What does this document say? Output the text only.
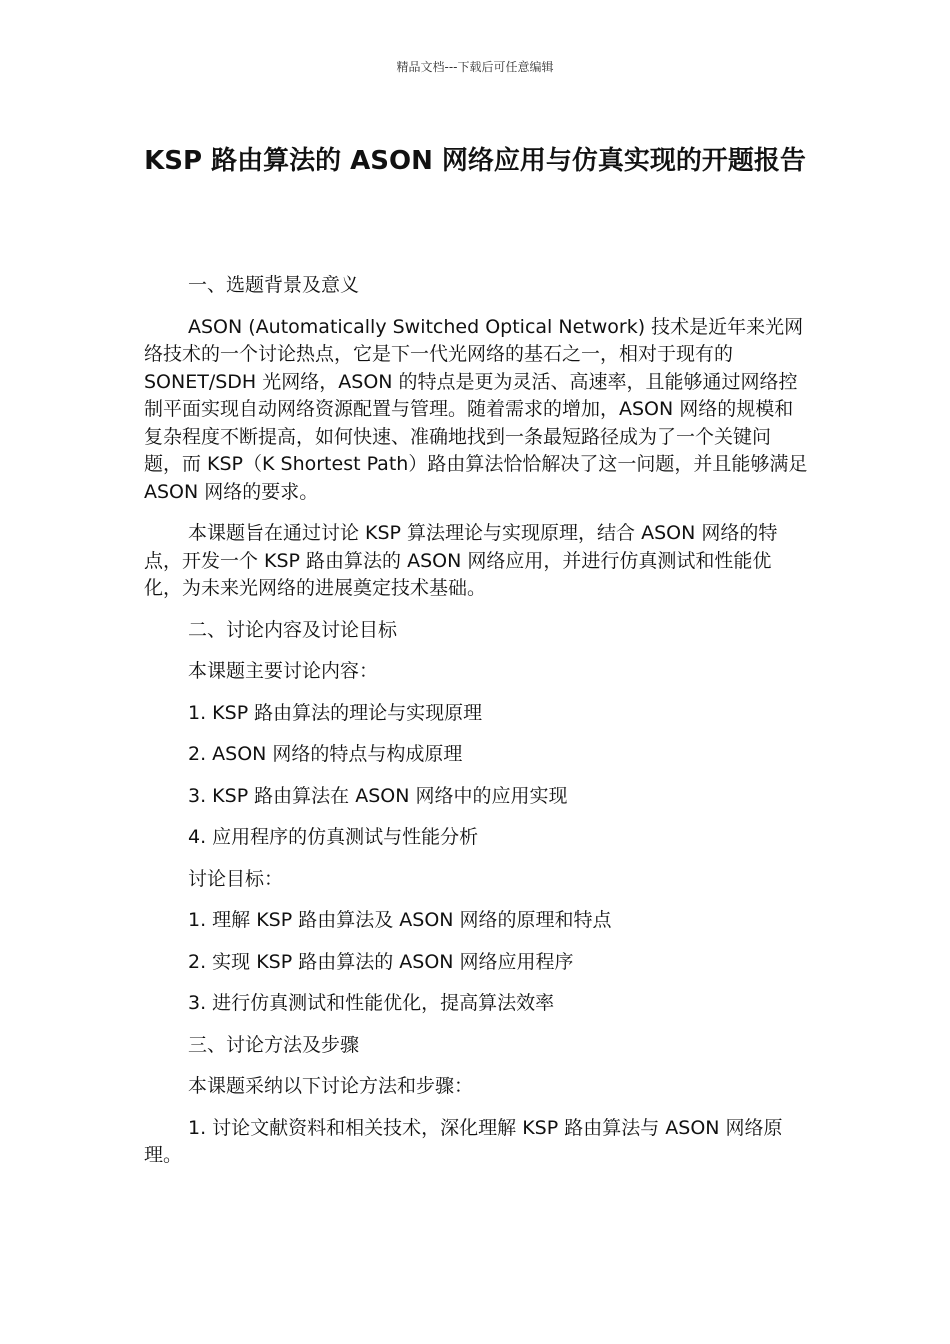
精品文档---下载后可任意编辑
KSP 路由算法的 ASON 网络应用与仿真实现的开题报告

一、选题背景及意义

ASON (Automatically Switched Optical Network) 技术是近年来光网络技术的一个讨论热点，它是下一代光网络的基石之一，相对于现有的 SONET/SDH 光网络，ASON 的特点是更为灵活、高速率，且能够通过网络控制平面实现自动网络资源配置与管理。随着需求的增加，ASON 网络的规模和复杂程度不断提高，如何快速、准确地找到一条最短路径成为了一个关键问题，而 KSP（K Shortest Path）路由算法恰恰解决了这一问题，并且能够满足 ASON 网络的要求。

本课题旨在通过讨论 KSP 算法理论与实现原理，结合 ASON 网络的特点，开发一个 KSP 路由算法的 ASON 网络应用，并进行仿真测试和性能优化，为未来光网络的进展奠定技术基础。

二、讨论内容及讨论目标

本课题主要讨论内容：

1. KSP 路由算法的理论与实现原理

2. ASON 网络的特点与构成原理

3. KSP 路由算法在 ASON 网络中的应用实现

4. 应用程序的仿真测试与性能分析

讨论目标：

1. 理解 KSP 路由算法及 ASON 网络的原理和特点

2. 实现 KSP 路由算法的 ASON 网络应用程序

3. 进行仿真测试和性能优化，提高算法效率

三、讨论方法及步骤

本课题采纳以下讨论方法和步骤：

1. 讨论文献资料和相关技术，深化理解 KSP 路由算法与 ASON 网络原理。
